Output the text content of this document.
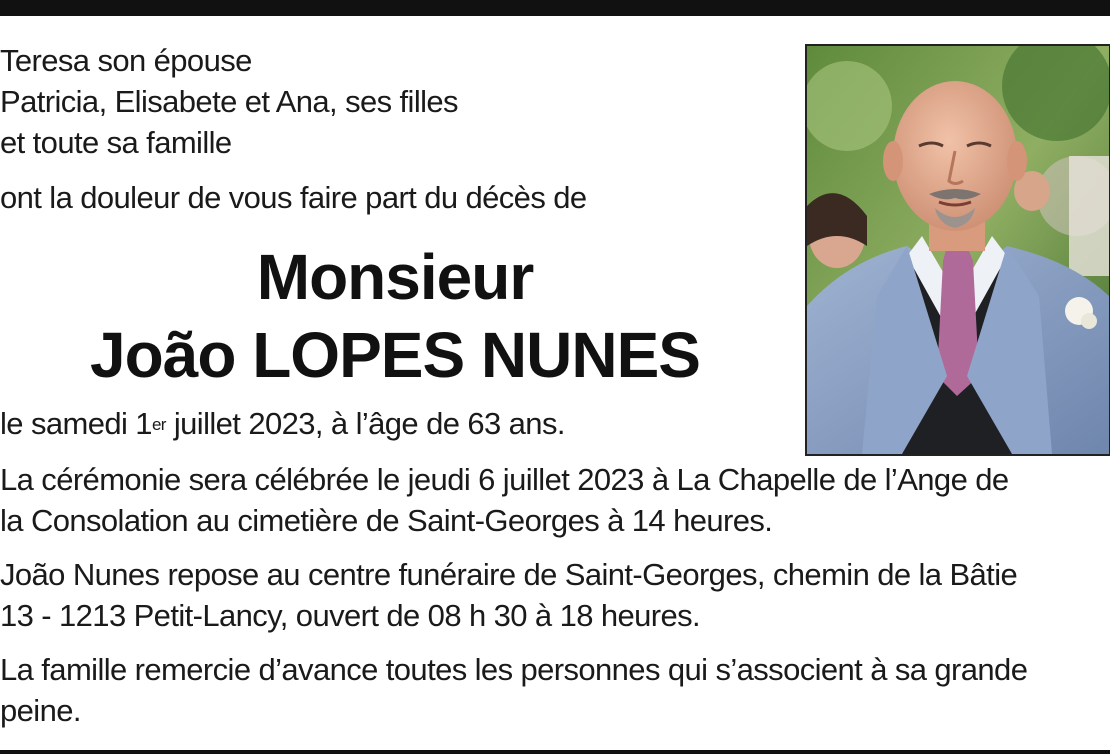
Teresa son épouse
Patricia, Elisabete et Ana, ses filles
et toute sa famille
ont la douleur de vous faire part du décès de
Monsieur
João LOPES NUNES
le samedi 1er juillet 2023, à l’âge de 63 ans.
La cérémonie sera célébrée le jeudi 6 juillet 2023 à La Chapelle de l’Ange de
la Consolation au cimetière de Saint-Georges à 14 heures.
João Nunes repose au centre funéraire de Saint-Georges, chemin de la Bâtie
13 - 1213 Petit-Lancy, ouvert de 08 h 30 à 18 heures.
La famille remercie d’avance toutes les personnes qui s’associent à sa grande
peine.
